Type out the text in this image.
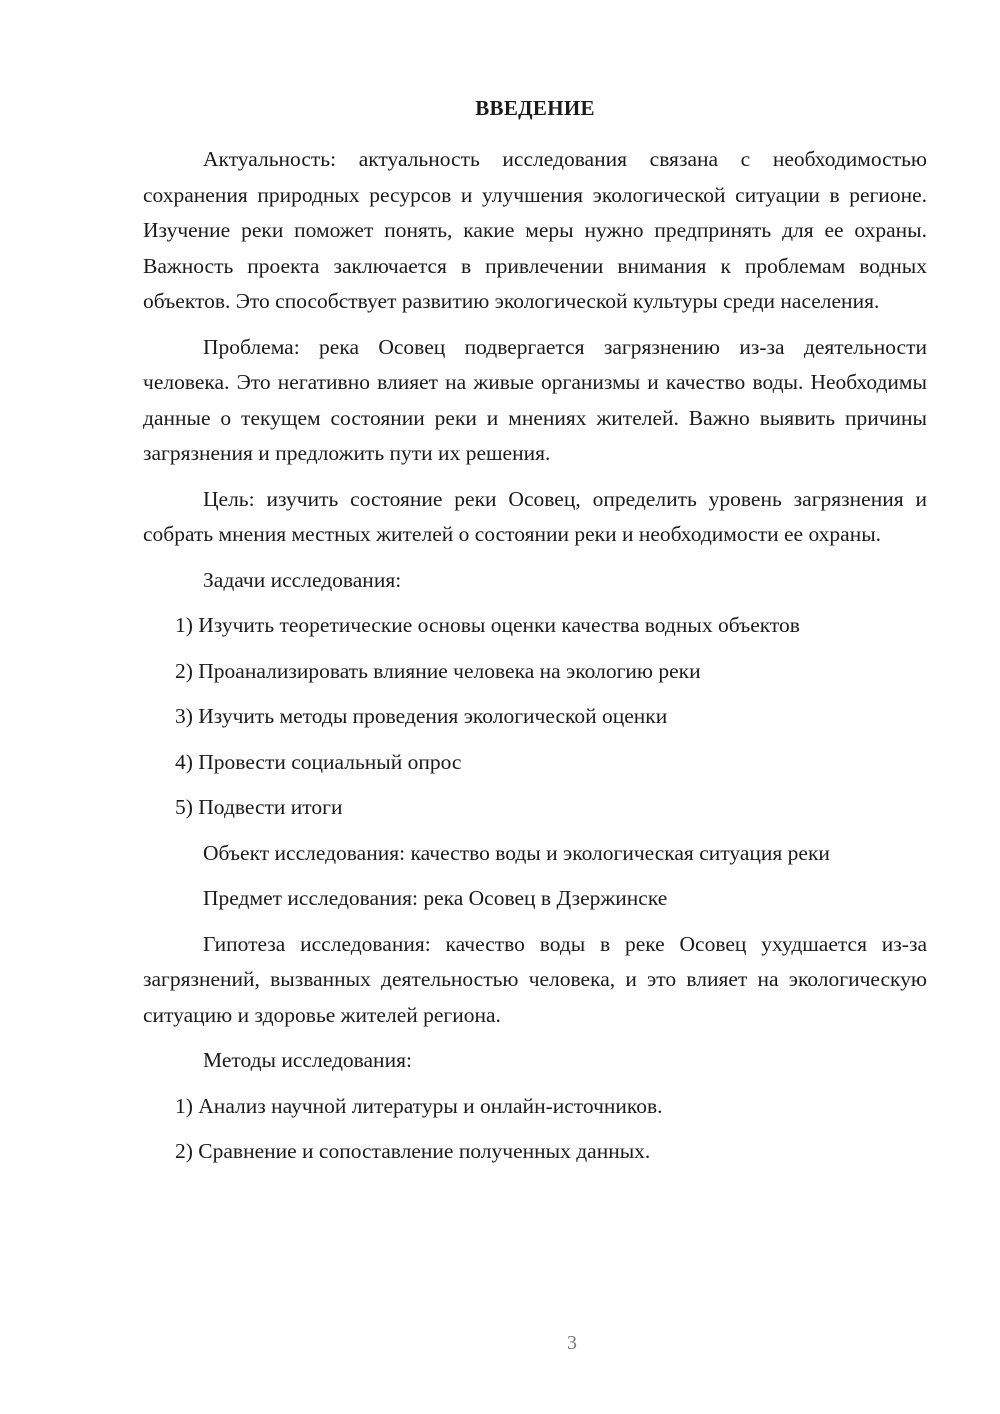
ВВЕДЕНИЕ

Актуальность: актуальность исследования связана с необходимостью сохранения природных ресурсов и улучшения экологической ситуации в регионе. Изучение реки поможет понять, какие меры нужно предпринять для ее охраны. Важность проекта заключается в привлечении внимания к проблемам водных объектов. Это способствует развитию экологической культуры среди населения.

Проблема: река Осовец подвергается загрязнению из-за деятельности человека. Это негативно влияет на живые организмы и качество воды. Необходимы данные о текущем состоянии реки и мнениях жителей. Важно выявить причины загрязнения и предложить пути их решения.

Цель: изучить состояние реки Осовец, определить уровень загрязнения и собрать мнения местных жителей о состоянии реки и необходимости ее охраны.

Задачи исследования:

1) Изучить теоретические основы оценки качества водных объектов
2) Проанализировать влияние человека на экологию реки
3) Изучить методы проведения экологической оценки
4) Провести социальный опрос
5) Подвести итоги

Объект исследования: качество воды и экологическая ситуация реки

Предмет исследования: река Осовец в Дзержинске

Гипотеза исследования: качество воды в реке Осовец ухудшается из-за загрязнений, вызванных деятельностью человека, и это влияет на экологическую ситуацию и здоровье жителей региона.

Методы исследования:

1) Анализ научной литературы и онлайн-источников.
2) Сравнение и сопоставление полученных данных.
3
